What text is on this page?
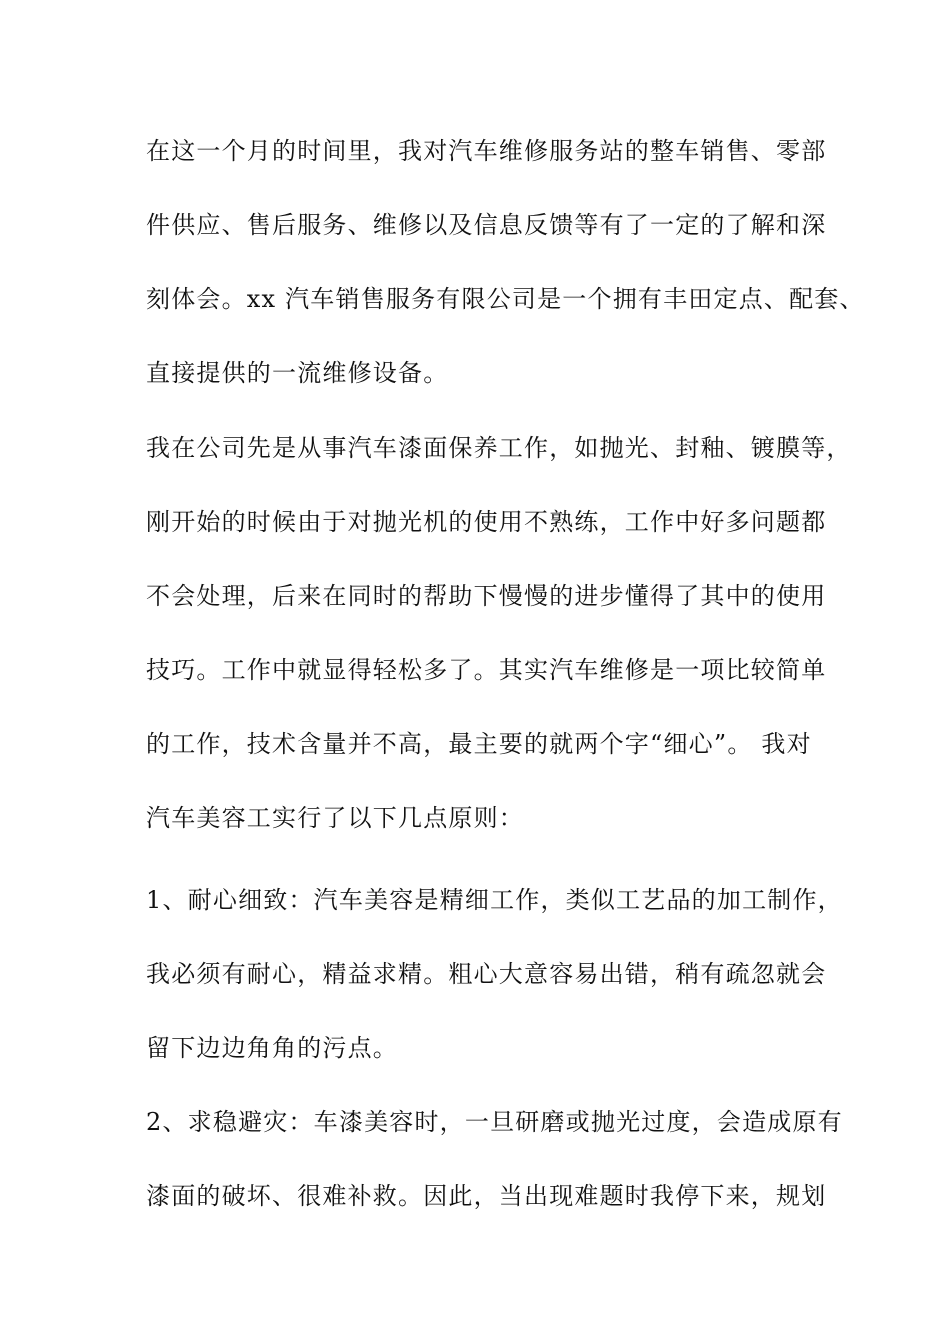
在这一个月的时间里，我对汽车维修服务站的整车销售、零部
件供应、售后服务、维修以及信息反馈等有了一定的了解和深
刻体会。xx 汽车销售服务有限公司是一个拥有丰田定点、配套、
直接提供的一流维修设备。
我在公司先是从事汽车漆面保养工作，如抛光、封釉、镀膜等，
刚开始的时候由于对抛光机的使用不熟练，工作中好多问题都
不会处理，后来在同时的帮助下慢慢的进步懂得了其中的使用
技巧。工作中就显得轻松多了。其实汽车维修是一项比较简单
的工作，技术含量并不高，最主要的就两个字“细心”。 我对
汽车美容工实行了以下几点原则：
1、耐心细致：汽车美容是精细工作，类似工艺品的加工制作，
我必须有耐心，精益求精。粗心大意容易出错，稍有疏忽就会
留下边边角角的污点。
2、求稳避灾：车漆美容时，一旦研磨或抛光过度，会造成原有
漆面的破坏、很难补救。因此，当出现难题时我停下来，规划
